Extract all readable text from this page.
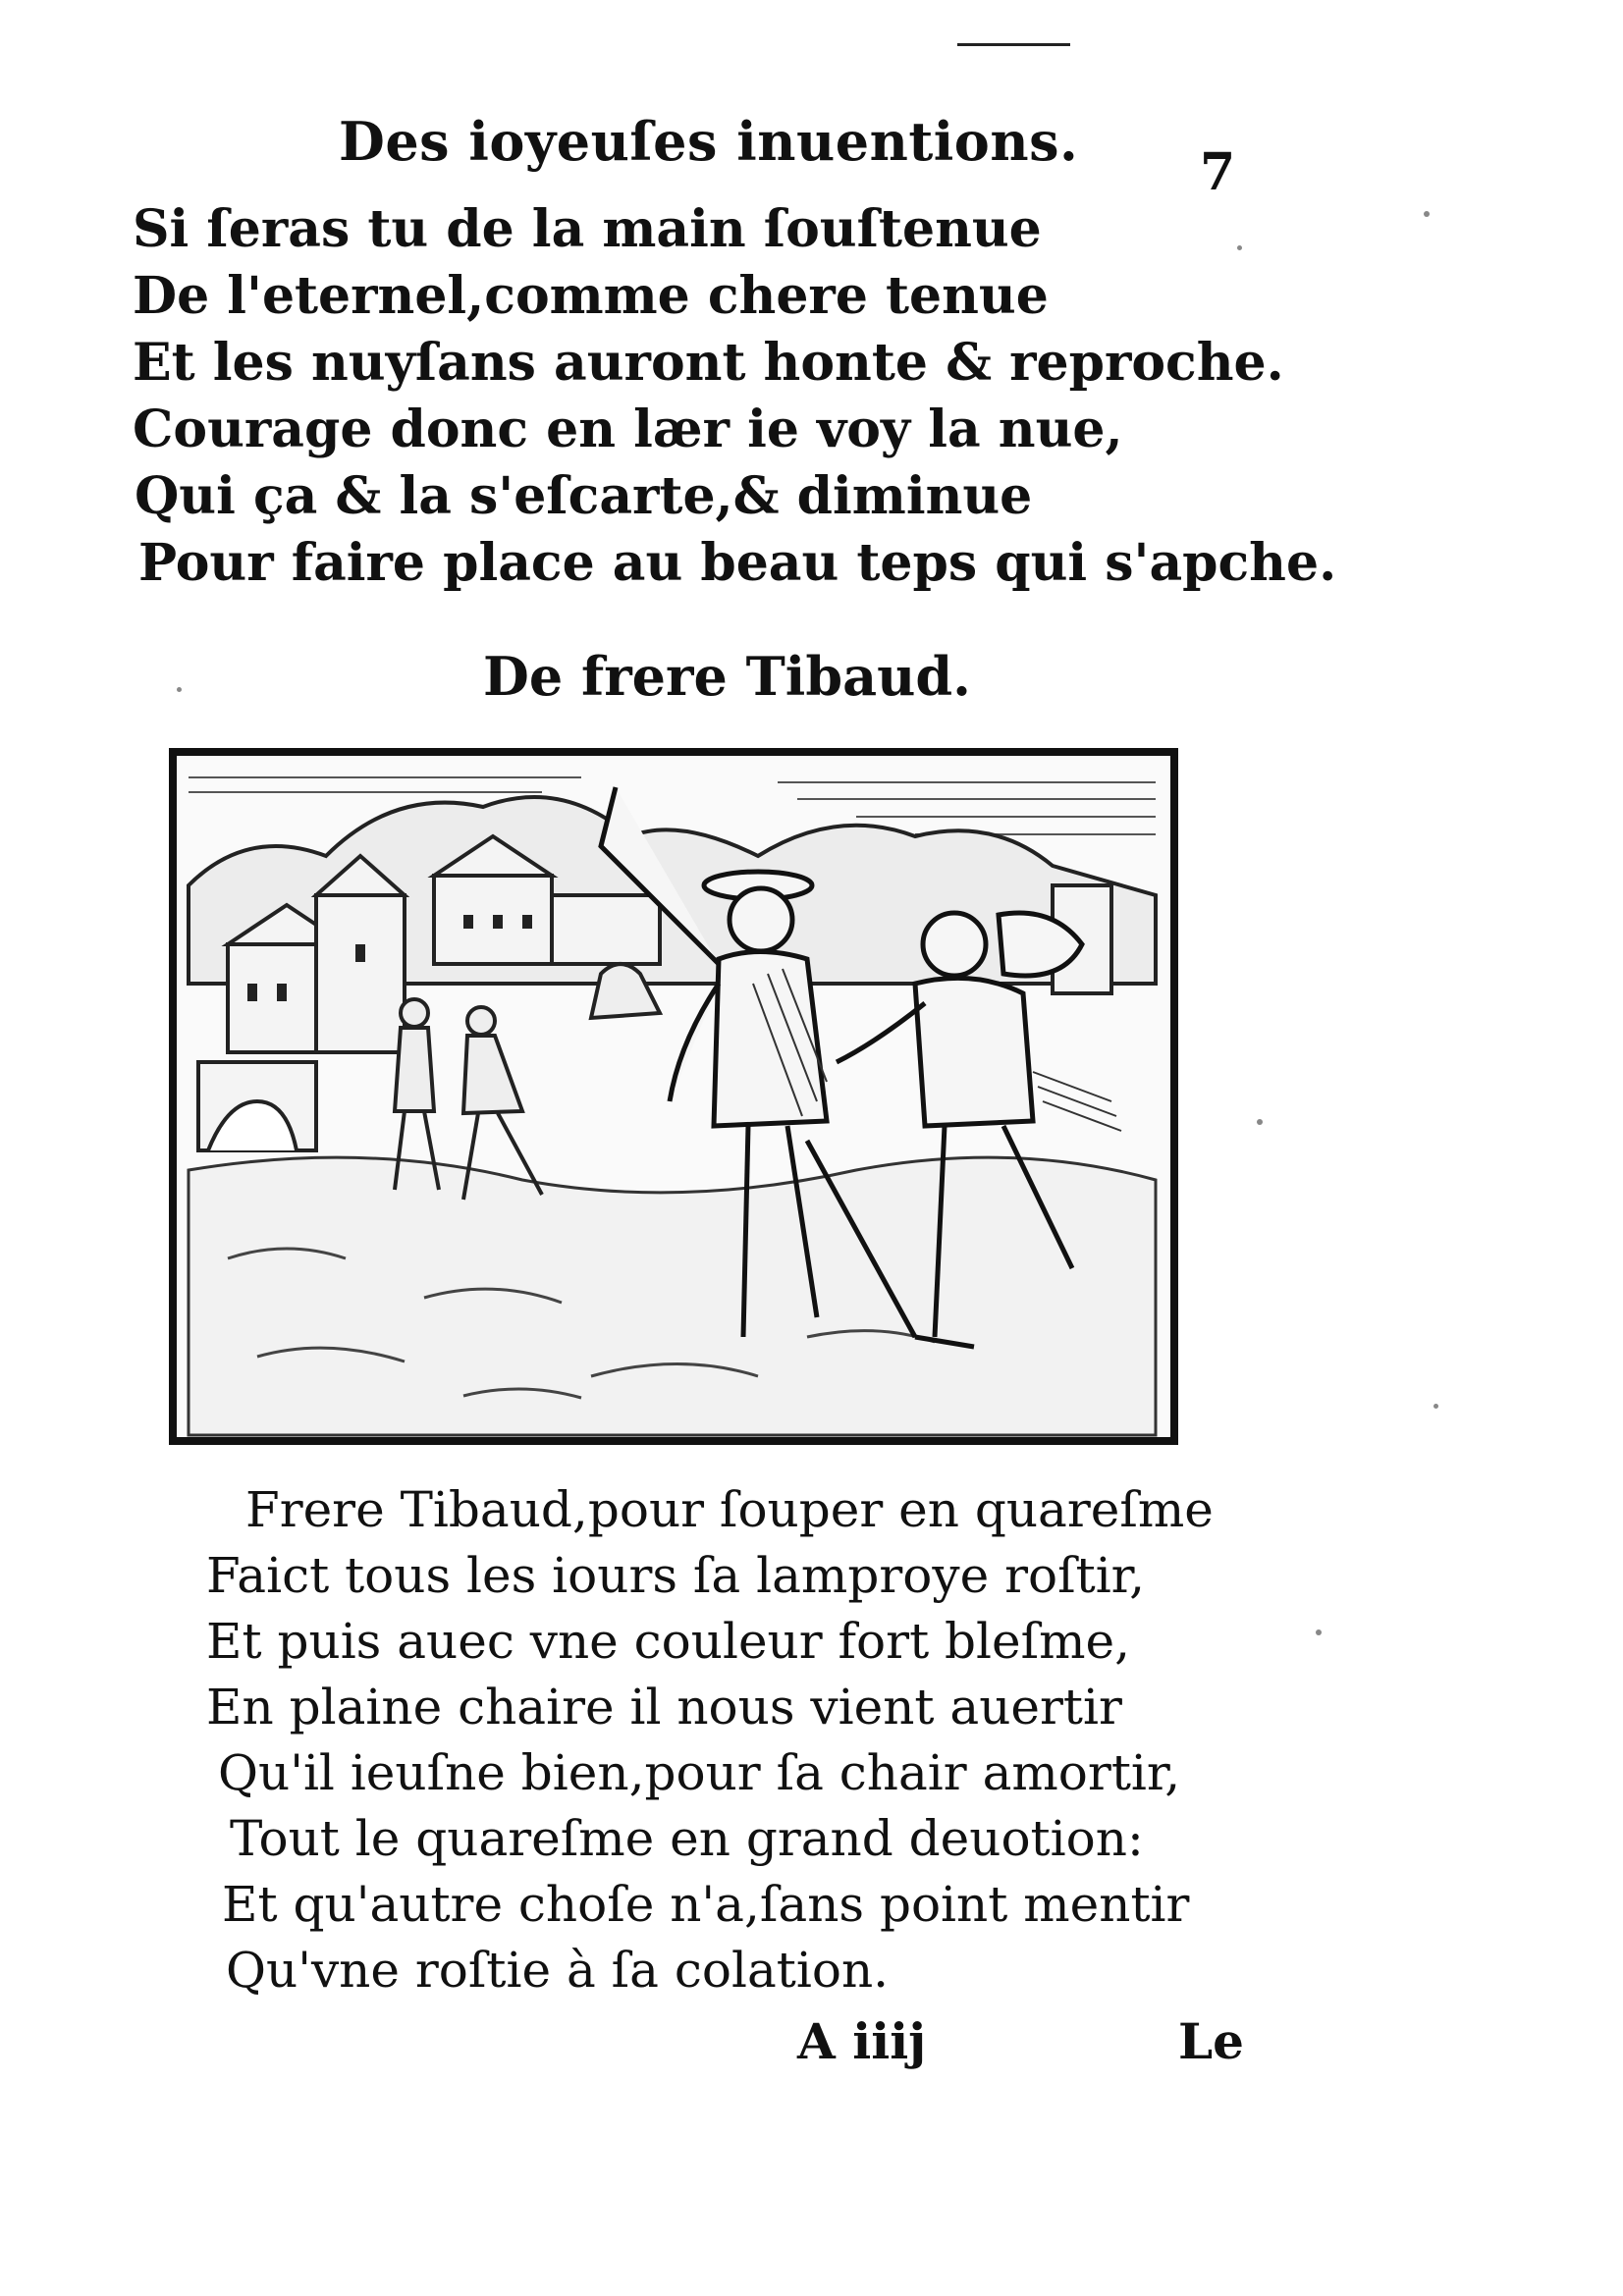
Des ioyeuſes inuentions. 7
Si ſeras tu de la main ſouſtenue
De l'eternel,comme chere tenue
Et les nuyſans auront honte & reproche.
Courage donc en lær ie voy la nue,
Qui ça & la s'eſcarte,& diminue
Pour faire place au beau teps qui s'apche.
De frere Tibaud.
Frere Tibaud,pour ſouper en quareſme
Faict tous les iours ſa lamproye roſtir,
Et puis auec vne couleur fort bleſme,
En plaine chaire il nous vient auertir
Qu'il ieuſne bien,pour ſa chair amortir,
Tout le quareſme en grand deuotion:
Et qu'autre choſe n'a,ſans point mentir
Qu'vne roſtie à ſa colation.
A iiij	Le
